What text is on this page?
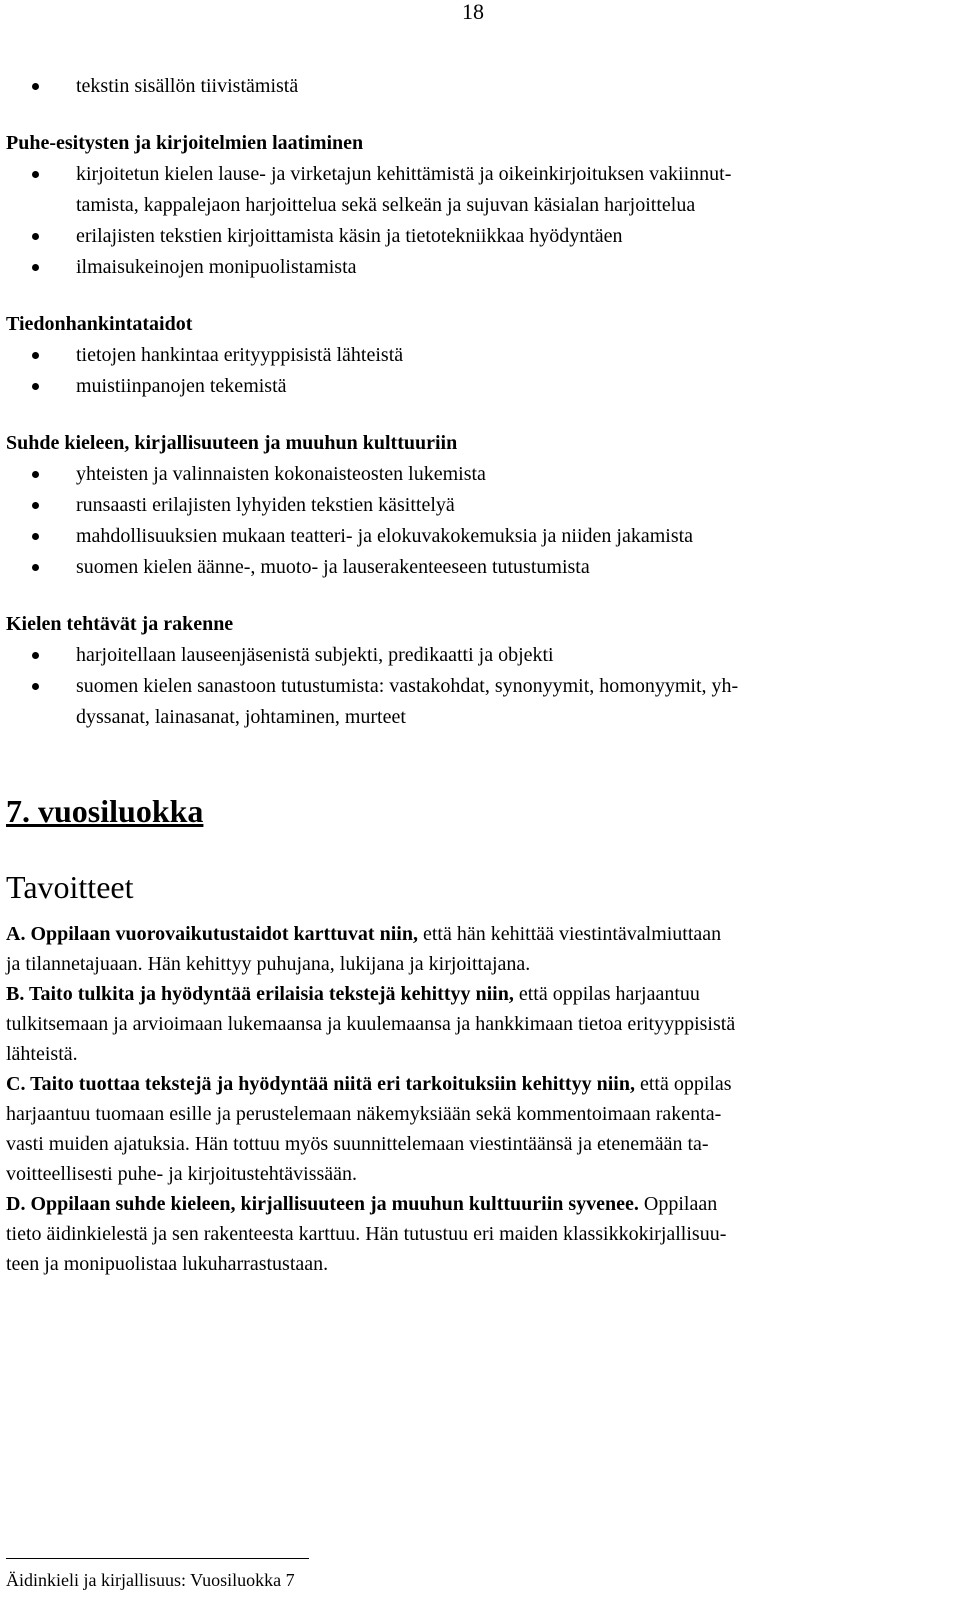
18
tekstin sisällön tiivistämistä

Puhe-esitysten ja kirjoitelmien laatiminen

kirjoitetun kielen lause- ja virketajun kehittämistä ja oikeinkirjoituksen vakiinnut-
tamista, kappalejaon harjoittelua sekä selkeän ja sujuvan käsialan harjoittelua
erilajisten tekstien kirjoittamista käsin ja tietotekniikkaa hyödyntäen
ilmaisukeinojen monipuolistamista

Tiedonhankintataidot

tietojen hankintaa erityyppisistä lähteistä
muistiinpanojen tekemistä

Suhde kieleen, kirjallisuuteen ja muuhun kulttuuriin

yhteisten ja valinnaisten kokonaisteosten lukemista
runsaasti erilajisten lyhyiden tekstien käsittelyä
mahdollisuuksien mukaan teatteri- ja elokuvakokemuksia ja niiden jakamista
suomen kielen äänne-, muoto- ja lauserakenteeseen tutustumista

Kielen tehtävät ja rakenne

harjoitellaan lauseenjäsenistä subjekti, predikaatti ja objekti
suomen kielen sanastoon tutustumista: vastakohdat, synonyymit, homonyymit, yh-
dyssanat, lainasanat, johtaminen, murteet

7. vuosiluokka

Tavoitteet

A. Oppilaan vuorovaikutustaidot karttuvat niin, että hän kehittää viestintävalmiuttaan
ja tilannetajuaan. Hän kehittyy puhujana, lukijana ja kirjoittajana.

B. Taito tulkita ja hyödyntää erilaisia tekstejä kehittyy niin, että oppilas harjaantuu
tulkitsemaan ja arvioimaan lukemaansa ja kuulemaansa ja hankkimaan tietoa erityyppisistä
lähteistä.

C. Taito tuottaa tekstejä ja hyödyntää niitä eri tarkoituksiin kehittyy niin, että oppilas
harjaantuu tuomaan esille ja perustelemaan näkemyksiään sekä kommentoimaan rakenta-
vasti muiden ajatuksia. Hän tottuu myös suunnittelemaan viestintäänsä ja etenemään ta-
voitteellisesti puhe- ja kirjoitustehtävissään.

D. Oppilaan suhde kieleen, kirjallisuuteen ja muuhun kulttuuriin syvenee. Oppilaan
tieto äidinkielestä ja sen rakenteesta karttuu. Hän tutustuu eri maiden klassikkokirjallisuu-
teen ja monipuolistaa lukuharrastustaan.

Äidinkieli ja kirjallisuus: Vuosiluokka 7
